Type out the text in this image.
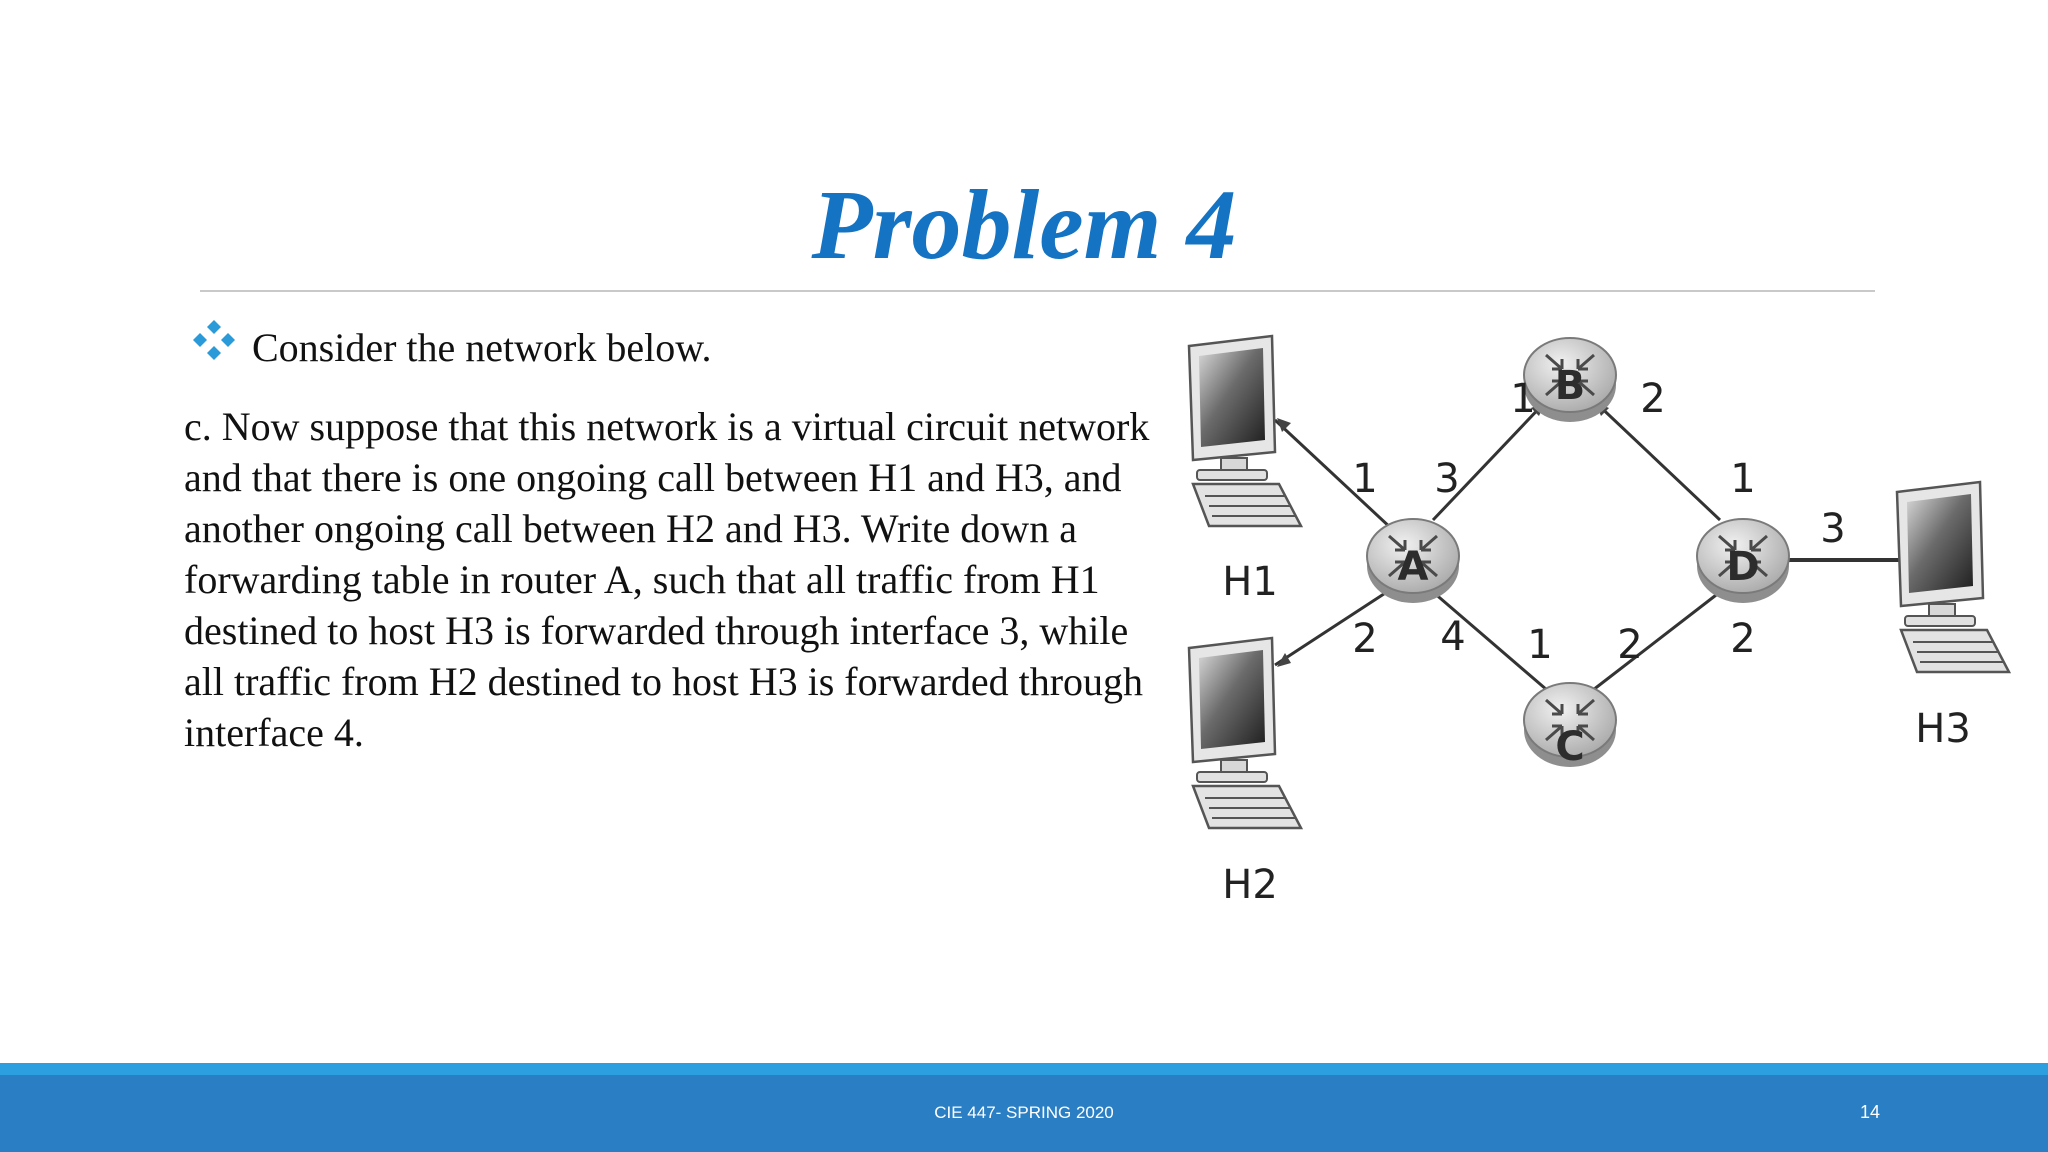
Problem 4
Consider the network below.
c. Now suppose that this network is a virtual circuit network and that there is one ongoing call between H1 and H3, and another ongoing call between H2 and H3. Write down a forwarding table in router A, such that all traffic from H1 destined to host H3 is forwarded through interface 3, while all traffic from H2 destined to host H3 is forwarded through interface 4.
A
B
C
D
H1
H2
H3
1 3
2 4
1	2
1 2
1
2
3
CIE 447- SPRING 2020	14
